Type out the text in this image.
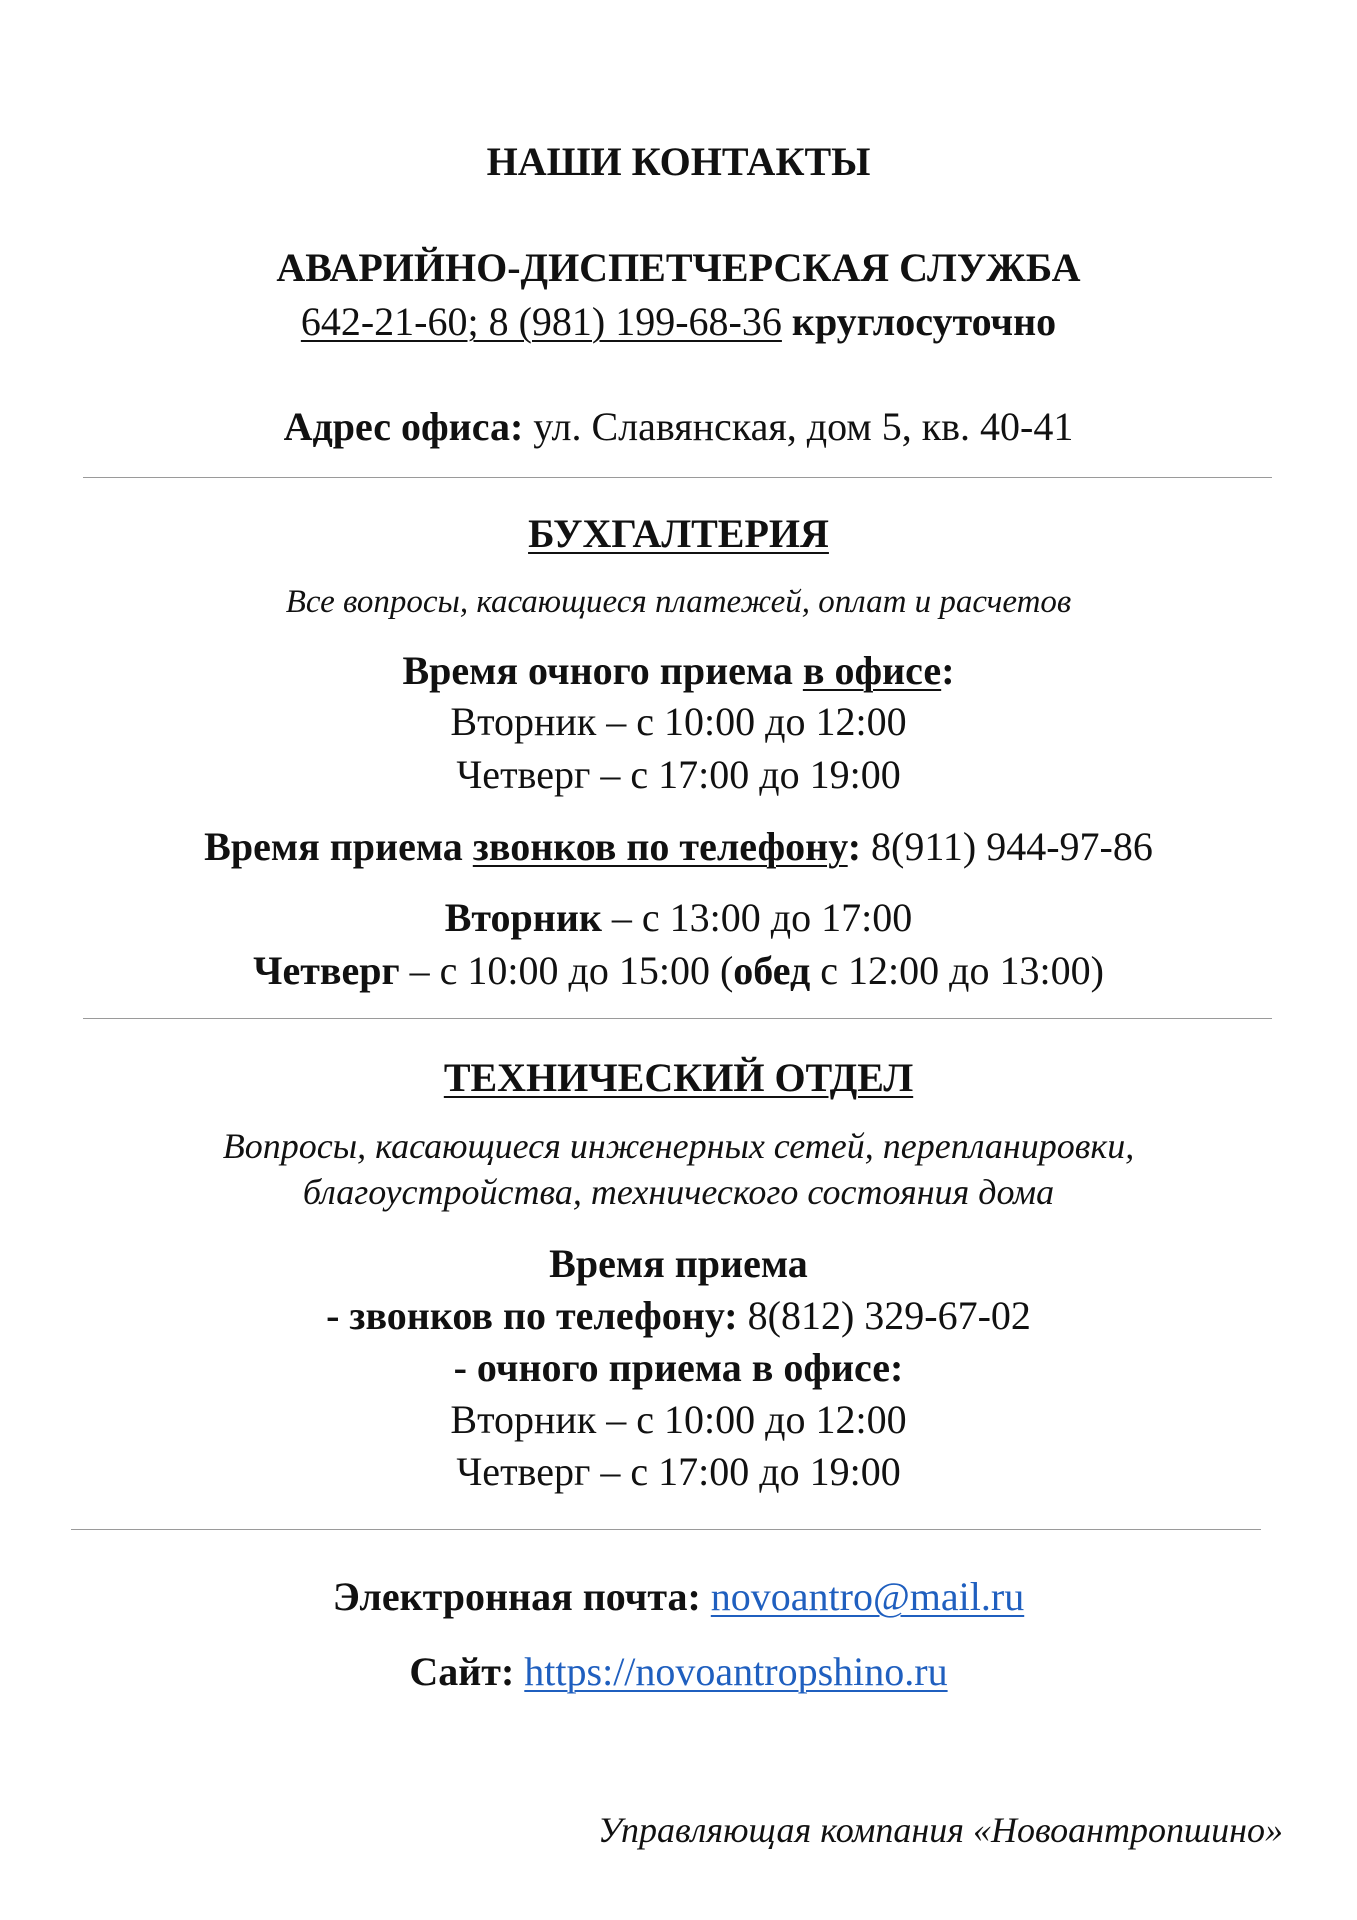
НАШИ КОНТАКТЫ
АВАРИЙНО-ДИСПЕТЧЕРСКАЯ СЛУЖБА
642-21-60; 8 (981) 199-68-36 круглосуточно
Адрес офиса: ул. Славянская, дом 5, кв. 40-41
БУХГАЛТЕРИЯ
Все вопросы, касающиеся платежей, оплат и расчетов
Время очного приема в офисе:
Вторник – с 10:00 до 12:00
Четверг – с 17:00 до 19:00
Время приема звонков по телефону: 8(911) 944-97-86
Вторник – с 13:00 до 17:00
Четверг – с 10:00 до 15:00 (обед с 12:00 до 13:00)
ТЕХНИЧЕСКИЙ ОТДЕЛ
Вопросы, касающиеся инженерных сетей, перепланировки,
благоустройства, технического состояния дома
Время приема
- звонков по телефону: 8(812) 329-67-02
- очного приема в офисе:
Вторник – с 10:00 до 12:00
Четверг – с 17:00 до 19:00
Электронная почта: novoantro@mail.ru
Сайт: https://novoantropshino.ru
Управляющая компания «Новоантропшино»
